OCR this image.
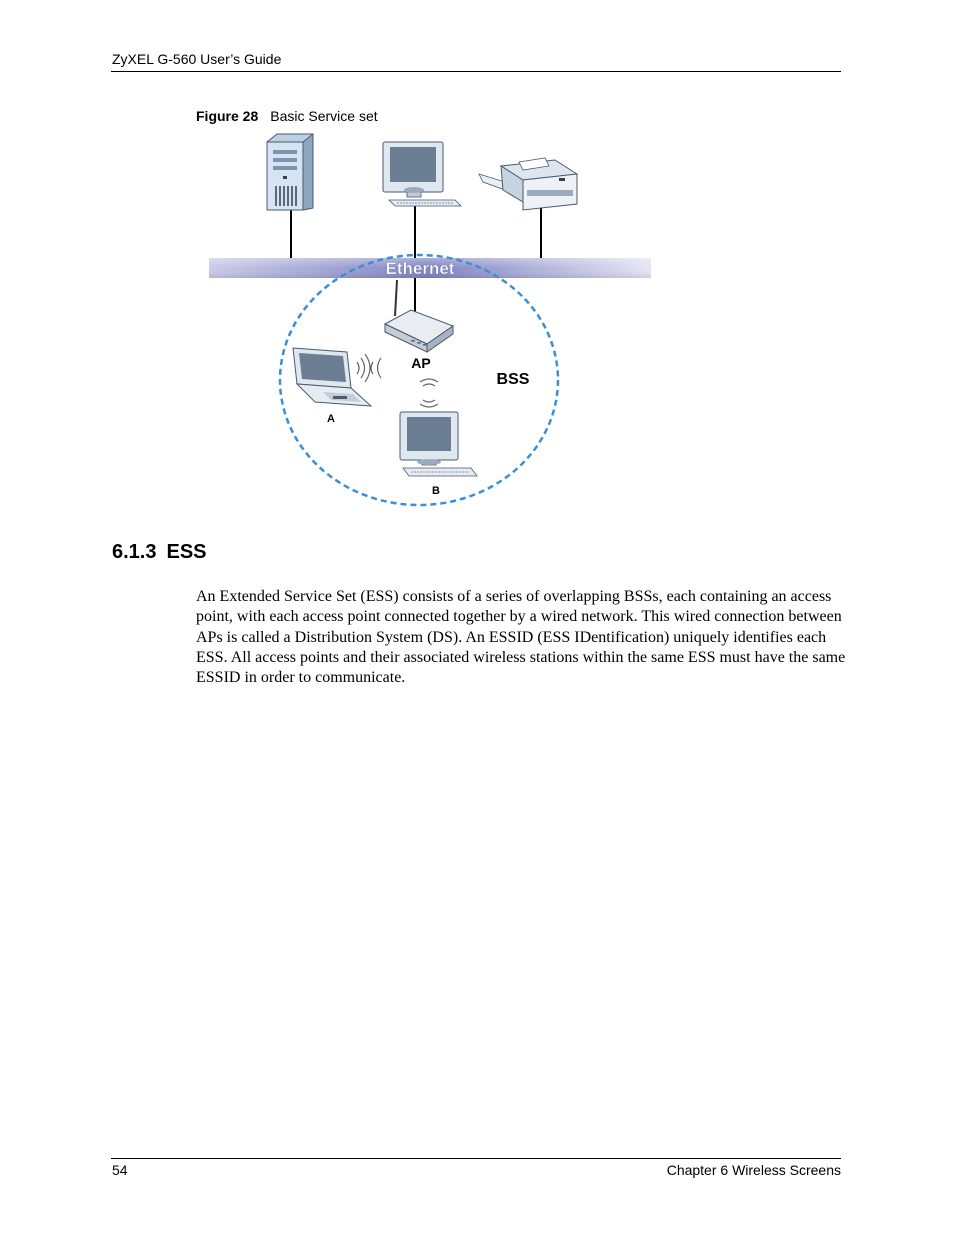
ZyXEL G-560 User’s Guide
Figure 28 Basic Service set
Ethernet
AP
BSS
A
B
6.1.3 ESS

An Extended Service Set (ESS) consists of a series of overlapping BSSs, each containing an access point, with each access point connected together by a wired network. This wired connection between APs is called a Distribution System (DS). An ESSID (ESS IDentification) uniquely identifies each ESS. All access points and their associated wireless stations within the same ESS must have the same ESSID in order to communicate.

54	Chapter 6 Wireless Screens
